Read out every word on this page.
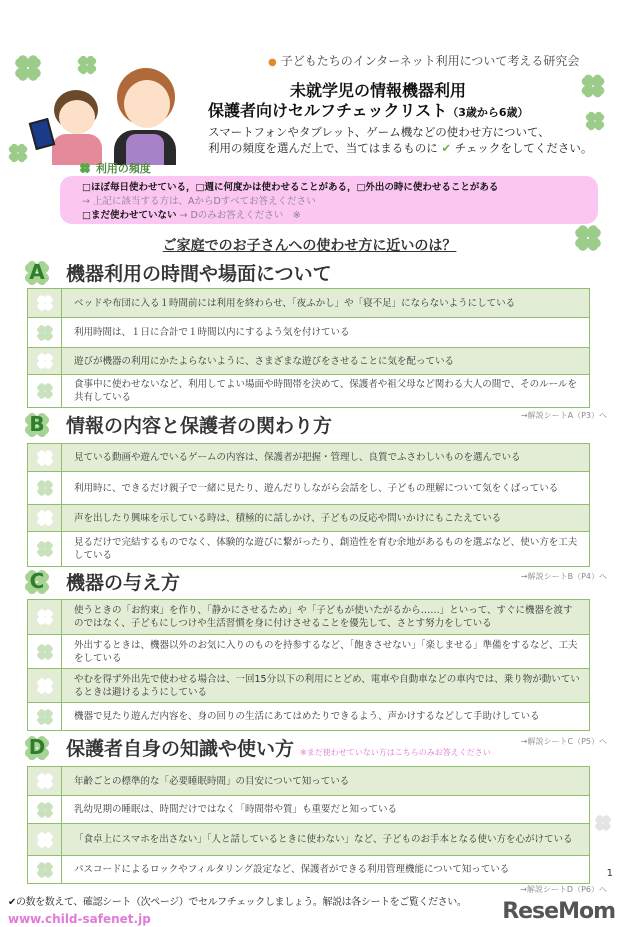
● 子どもたちのインターネット利用について考える研究会
未就学児の情報機器利用
保護者向けセルフチェックリスト（3歳から6歳）
スマートフォンやタブレット、ゲーム機などの使わせ方について、
利用の頻度を選んだ上で、当てはまるものに ✔ チェックをしてください。
□ほぼ毎日使わせている，□週に何度かは使わせることがある，□外出の時に使わせることがある
→ 上記に該当する方は、AからDすべてお答えください
□まだ使わせていない → Dのみお答えください　※
利用の頻度
ご家庭でのお子さんへの使わせ方に近いのは？
A	機器利用の時間や場面について
ベッドや布団に入る１時間前には利用を終わらせ、「夜ふかし」や「寝不足」にならないようにしている
利用時間は、１日に合計で１時間以内にするよう気を付けている
遊びが機器の利用にかたよらないように、さまざまな遊びをさせることに気を配っている
食事中に使わせないなど、利用してよい場面や時間帯を決めて、保護者や祖父母など関わる大人の間で、そのルールを共有している
→解説シートA（P3）へ
B	情報の内容と保護者の関わり方
見ている動画や遊んでいるゲームの内容は、保護者が把握・管理し、良質でふさわしいものを選んでいる
利用時に、できるだけ親子で一緒に見たり、遊んだりしながら会話をし、子どもの理解について気をくばっている
声を出したり興味を示している時は、積極的に話しかけ、子どもの反応や問いかけにもこたえている
見るだけで完結するものでなく、体験的な遊びに繋がったり、創造性を育む余地があるものを選ぶなど、使い方を工夫している
→解説シートB（P4）へ
C	機器の与え方
使うときの「お約束」を作り、「静かにさせるため」や「子どもが使いたがるから……」といって、すぐに機器を渡すのではなく、子どもにしつけや生活習慣を身に付けさせることを優先して、さとす努力をしている
外出するときは、機器以外のお気に入りのものを持参するなど、「飽きさせない」「楽しませる」準備をするなど、工夫をしている
やむを得ず外出先で使わせる場合は、一回15分以下の利用にとどめ、電車や自動車などの車内では、乗り物が動いているときは避けるようにしている
機器で見たり遊んだ内容を、身の回りの生活にあてはめたりできるよう、声かけするなどして手助けしている
→解説シートC（P5）へ
D	保護者自身の知識や使い方 ※まだ使わせていない方はこちらのみお答えください
年齢ごとの標準的な「必要睡眠時間」の目安について知っている
乳幼児期の睡眠は、時間だけではなく「時間帯や質」も重要だと知っている
「食卓上にスマホを出さない」「人と話しているときに使わない」など、子どものお手本となる使い方を心がけている
パスコードによるロックやフィルタリング設定など、保護者ができる利用管理機能について知っている
→解説シートD（P6）へ
✔の数を数えて、確認シート（次ページ）でセルフチェックしましょう。解説は各シートをご覧ください。
www.child-safenet.jp	ReseMom
1
